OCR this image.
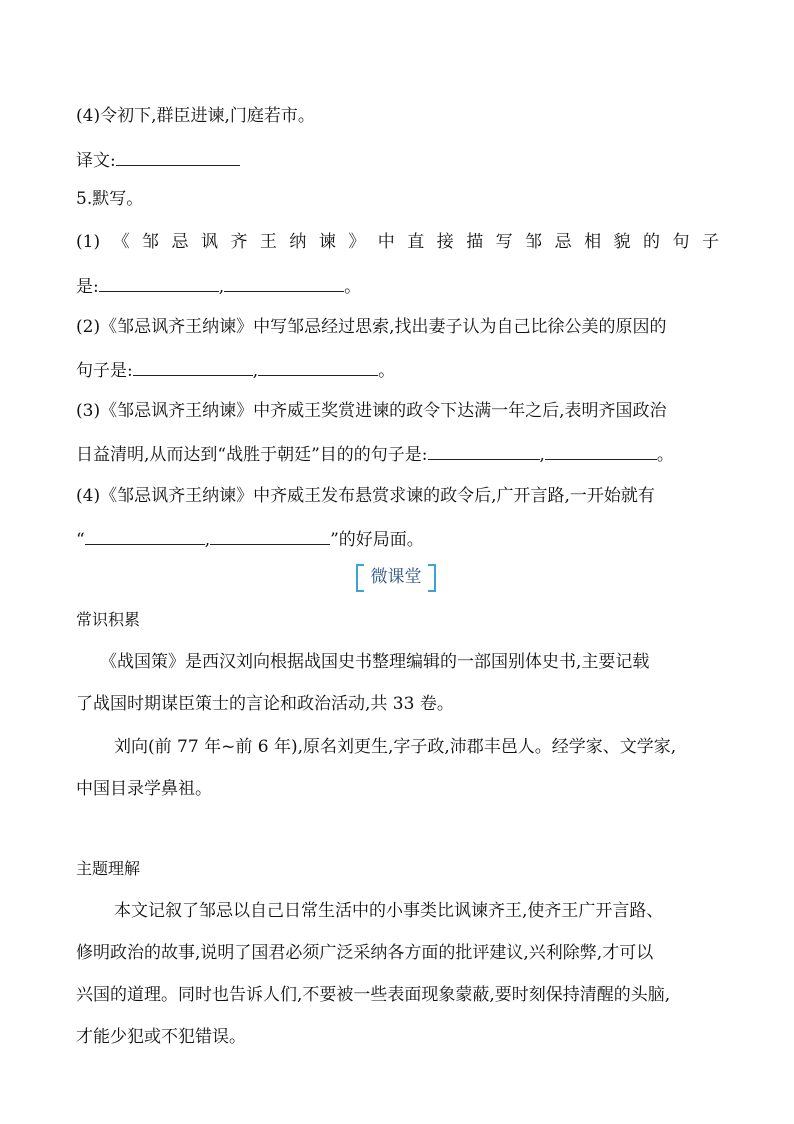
(4)令初下,群臣进谏,门庭若市。
译文:
5.默写。
(1) 《 邹 忌 讽 齐 王 纳 谏 》 中 直 接 描 写 邹 忌 相 貌 的 句 子
是:	,	。
(2)《邹忌讽齐王纳谏》中写邹忌经过思索,找出妻子认为自己比徐公美的原因的
句子是:	,	。
(3)《邹忌讽齐王纳谏》中齐威王奖赏进谏的政令下达满一年之后,表明齐国政治
日益清明,从而达到“战胜于朝廷”目的的句子是:	,	。
(4)《邹忌讽齐王纳谏》中齐威王发布悬赏求谏的政令后,广开言路,一开始就有
“	,	”的好局面。
微课堂
常识积累
《战国策》是西汉刘向根据战国史书整理编辑的一部国别体史书,主要记载
了战国时期谋臣策士的言论和政治活动,共 33 卷。
刘向(前 77 年~前 6 年),原名刘更生,字子政,沛郡丰邑人。经学家、文学家,
中国目录学鼻祖。
主题理解
本文记叙了邹忌以自己日常生活中的小事类比讽谏齐王,使齐王广开言路、
修明政治的故事,说明了国君必须广泛采纳各方面的批评建议,兴利除弊,才可以
兴国的道理。同时也告诉人们,不要被一些表面现象蒙蔽,要时刻保持清醒的头脑,
才能少犯或不犯错误。
